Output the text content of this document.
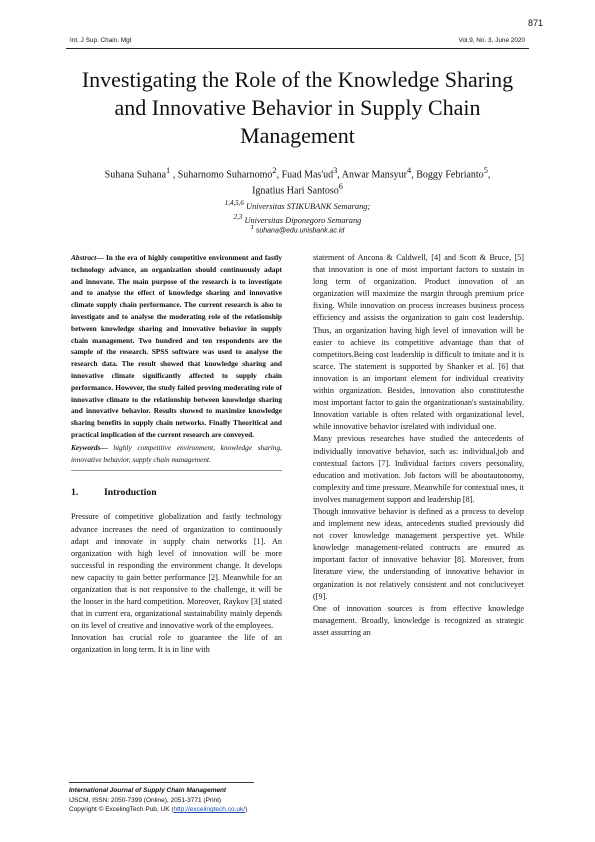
871
Int. J Sup. Chain. Mgt	Vol.9, No. 3, June 2020
Investigating the Role of the Knowledge Sharing and Innovative Behavior in Supply Chain Management
Suhana Suhana$^1$ , Suharnomo Suharnomo$^2$, Fuad $Mas'ud^3$, Anwar Mansyur$^4$, Boggy Febrianto$^5$,
Ignatius Hari Santoso$^6$
$^{1,4,5,6}$ Universitas STIKUBANK Semarang;
$^{2,3}$ Universitas Diponegoro Semarang
$^1$ suhana@edu.unisbank.ac.id

Abstract— In the era of highly competitive environment and fastly technology advance, an organization should continuously adapt and innovate. The main purpose of the research is to investigate and to analyse the effect of knowledge sharing and innovative climate supply chain performance. The current research is also to investigate and to analyse the moderating role of the relationship between knowledge sharing and innovative behavior in supply chain management. Two hundred and ten respondents are the sample of the research. SPSS software was used to analyse the research data. The result showed that knowledge sharing and innovative climate significantly affected to supply chain performance. However, the study failed proving moderating role of innovative climate to the relationship between knowledge sharing and innovative behavior. Results showed to maximize knowledge sharing benefits in supply chain networks. Finally Theoritical and practical implication of the current research are conveyed.

Keywords— highly competitive environment, knowledge sharing, innovative behavior, supply chain management.

1.	Introduction

Pressure of competitive globalization and fastly technology advance increases the need of organization to continuously adapt and innovate in supply chain networks [1]. An organization with high level of innovation will be more successful in responding the environment change. It develops new capacity to gain better performance [2]. Meanwhile for an organization that is not responsive to the challenge, it will be the looser in the hard competition. Moreover, Raykov [3] stated that in current era, organizational sustainability mainly depends on its level of creative and innovative work of the employees.

Innovation has crucial role to guarantee the life of an organization in long term. It is in line with

statement of Ancona & Caldwell, [4] and Scott & Bruce, [5] that innovation is one of most important factors to sustain in long term of organization. Product innovation of an organization will maximize the margin through premium price fixing. While innovation on process increases business process efficiency and assists the organization to gain cost leadership. Thus, an organization having high level of innovation will be easier to achieve its competitive advantage than that of competitors.Being cost leadership is difficult to imitate and it is scarce. The statement is supported by Shanker et al. [6] that innovation is an important element for individual creativity within organization. Besides, innovation also constitutesthe most important factor to gain the organizationan's sustainability. Innovation variable is often related with organizational level, while innovative behavior isrelated with individual one.

Many previous researches have studied the antecedents of individually innovative behavior, such as: individual,job and contextual factors [7]. Individual factors covers personality, education and motivation. Job factors will be aboutautonomy, complexity and time pressure. Meanwhile for contextual ones, it involves management support and leadership [8].

Though innovative behavior is defined as a process to develop and implement new ideas, antecedents studied previously did not cover knowledge management perspective yet. While knowledge management-related contructs are ensured as important factor of innovative behavior [8]. Moreover, from literature view, the understanding of innovative behavior in organization is not relatively consistent and not concluciveyet ([9].

One of innovation sources is from effective knowledge management. Broadly, knowledge is recognized as strategic asset assurring an

International Journal of Supply Chain Management
IJSCM, ISSN: 2050-7399 (Online), 2051-3771 (Print)
Copyright © ExcelingTech Pub, UK (http://excelingtech.co.uk/)
